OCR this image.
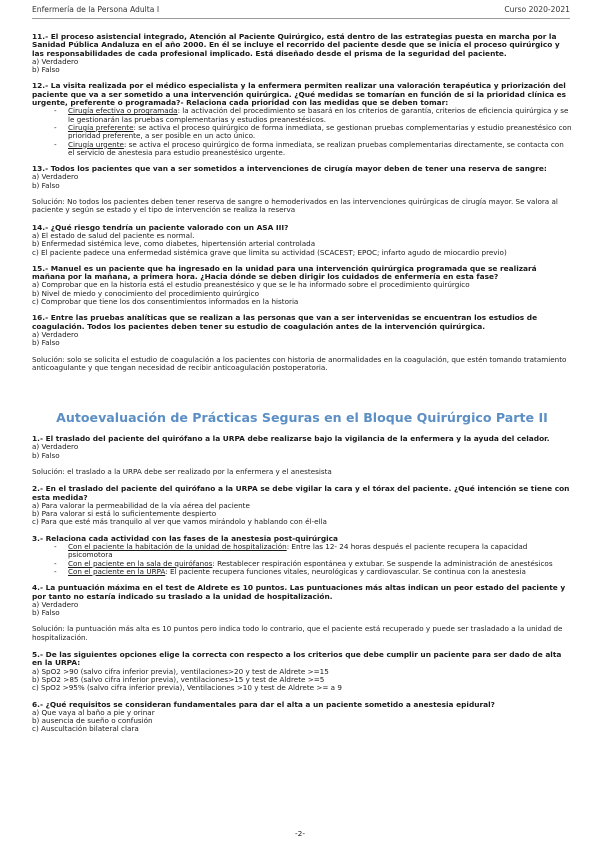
Enfermería de la Persona Adulta I	Curso 2020-2021

11.- El proceso asistencial integrado, Atención al Paciente Quirúrgico, está dentro de las estrategias puesta en marcha por la Sanidad Pública Andaluza en el año 2000. En él se incluye el recorrido del paciente desde que se inicia el proceso quirúrgico y las responsabilidades de cada profesional implicado. Está diseñado desde el prisma de la seguridad del paciente.

a) Verdadero

b) Falso

12.- La visita realizada por el médico especialista y la enfermera permiten realizar una valoración terapéutica y priorización del paciente que va a ser sometido a una intervención quirúrgica. ¿Qué medidas se tomarían en función de si la prioridad clínica es urgente, preferente o programada?- Relaciona cada prioridad con las medidas que se deben tomar:

- Cirugía efectiva o programada: la activación del procedimiento se basará en los criterios de garantía, criterios de eficiencia quirúrgica y se le gestionarán las pruebas complementarias y estudios preanestésicos.
- Cirugía preferente: se activa el proceso quirúrgico de forma inmediata, se gestionan pruebas complementarias y estudio preanestésico con prioridad preferente, a ser posible en un acto único.
- Cirugía urgente: se activa el proceso quirúrgico de forma inmediata, se realizan pruebas complementarias directamente, se contacta con el servicio de anestesia para estudio preanestésico urgente.

13.- Todos los pacientes que van a ser sometidos a intervenciones de cirugía mayor deben de tener una reserva de sangre:

a) Verdadero

b) Falso

Solución: No todos los pacientes deben tener reserva de sangre o hemoderivados en las intervenciones quirúrgicas de cirugía mayor. Se valora al paciente y según se estado y el tipo de intervención se realiza la reserva

14.- ¿Qué riesgo tendría un paciente valorado con un ASA III?

a) El estado de salud del paciente es normal.

b) Enfermedad sistémica leve, como diabetes, hipertensión arterial controlada

c) El paciente padece una enfermedad sistémica grave que limita su actividad (SCACEST; EPOC; infarto agudo de miocardio previo)

15.- Manuel es un paciente que ha ingresado en la unidad para una intervención quirúrgica programada que se realizará mañana por la mañana, a primera hora. ¿Hacia dónde se deben dirigir los cuidados de enfermería en esta fase?

a) Comprobar que en la historia está el estudio preanestésico y que se le ha informado sobre el procedimiento quirúrgico

b) Nivel de miedo y conocimiento del procedimiento quirúrgico

c) Comprobar que tiene los dos consentimientos informados en la historia

16.- Entre las pruebas analíticas que se realizan a las personas que van a ser intervenidas se encuentran los estudios de coagulación. Todos los pacientes deben tener su estudio de coagulación antes de la intervención quirúrgica.

a) Verdadero

b) Falso

Solución: solo se solicita el estudio de coagulación a los pacientes con historia de anormalidades en la coagulación, que estén tomando tratamiento anticoagulante y que tengan necesidad de recibir anticoagulación postoperatoria.

Autoevaluación de Prácticas Seguras en el Bloque Quirúrgico Parte II

1.- El traslado del paciente del quirófano a la URPA debe realizarse bajo la vigilancia de la enfermera y la ayuda del celador.

a) Verdadero

b) Falso

Solución: el traslado a la URPA debe ser realizado por la enfermera y el anestesista

2.- En el traslado del paciente del quirófano a la URPA se debe vigilar la cara y el tórax del paciente. ¿Qué intención se tiene con esta medida?

a) Para valorar la permeabilidad de la vía aérea del paciente

b) Para valorar si está lo suficientemente despierto

c) Para que esté más tranquilo al ver que vamos mirándolo y hablando con él-ella

3.- Relaciona cada actividad con las fases de la anestesia post-quirúrgica

- Con el paciente la habitación de la unidad de hospitalización: Entre las 12- 24 horas después el paciente recupera la capacidad psicomotora
- Con el paciente en la sala de quirófanos: Restablecer respiración espontánea y extubar. Se suspende la administración de anestésicos
- Con el paciente en la URPA: El paciente recupera funciones vitales, neurológicas y cardiovascular. Se continua con la anestesia

4.- La puntuación máxima en el test de Aldrete es 10 puntos. Las puntuaciones más altas indican un peor estado del paciente y por tanto no estaría indicado su traslado a la unidad de hospitalización.

a) Verdadero

b) Falso

Solución: la puntuación más alta es 10 puntos pero indica todo lo contrario, que el paciente está recuperado y puede ser trasladado a la unidad de hospitalización.

5.- De las siguientes opciones elige la correcta con respecto a los criterios que debe cumplir un paciente para ser dado de alta en la URPA:

a) SpO2 >90 (salvo cifra inferior previa), ventilaciones>20 y test de Aldrete >=15

b) SpO2 >85 (salvo cifra inferior previa), ventilaciones>15 y test de Aldrete >=5

c) SpO2 >95% (salvo cifra inferior previa), Ventilaciones >10 y test de Aldrete >= a 9

6.- ¿Qué requisitos se consideran fundamentales para dar el alta a un paciente sometido a anestesia epidural?

a) Que vaya al baño a pie y orinar

b) ausencia de sueño o confusión

c) Auscultación bilateral clara

-2-
